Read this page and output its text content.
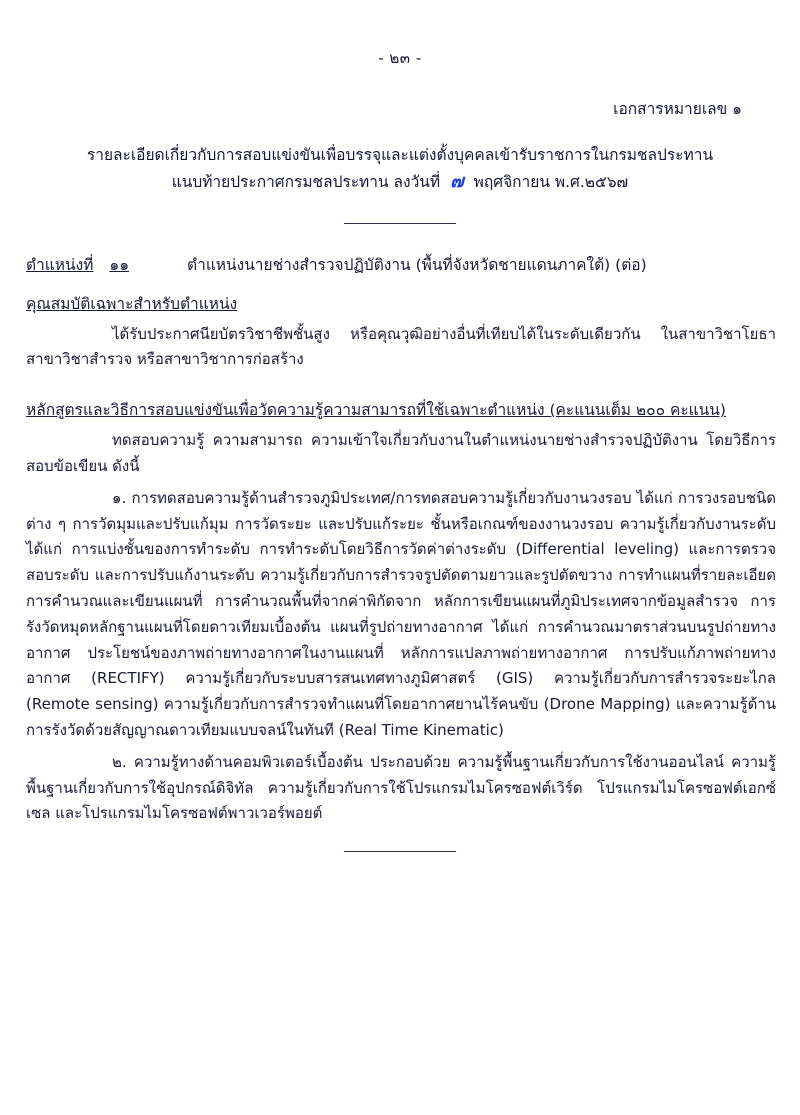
- ๒๓ -
เอกสารหมายเลข ๑
รายละเอียดเกี่ยวกับการสอบแข่งขันเพื่อบรรจุและแต่งตั้งบุคคลเข้ารับราชการในกรมชลประทาน
แนบท้ายประกาศกรมชลประทาน ลงวันที่ ๗ พฤศจิกายน พ.ศ.๒๕๖๗
ตำแหน่งที่ ๑๑	ตำแหน่งนายช่างสำรวจปฏิบัติงาน (พื้นที่จังหวัดชายแดนภาคใต้) (ต่อ)
คุณสมบัติเฉพาะสำหรับตำแหน่ง
ได้รับประกาศนียบัตรวิชาชีพชั้นสูง หรือคุณวุฒิอย่างอื่นที่เทียบได้ในระดับเดียวกัน ในสาขาวิชาโยธา สาขาวิชาสำรวจ หรือสาขาวิชาการก่อสร้าง
หลักสูตรและวิธีการสอบแข่งขันเพื่อวัดความรู้ความสามารถที่ใช้เฉพาะตำแหน่ง (คะแนนเต็ม ๒๐๐ คะแนน)
ทดสอบความรู้ ความสามารถ ความเข้าใจเกี่ยวกับงานในตำแหน่งนายช่างสำรวจปฏิบัติงาน โดยวิธีการสอบข้อเขียน ดังนี้
๑. การทดสอบความรู้ด้านสำรวจภูมิประเทศ/การทดสอบความรู้เกี่ยวกับงานวงรอบ ได้แก่ การวงรอบชนิดต่าง ๆ การวัดมุมและปรับแก้มุม การวัดระยะ และปรับแก้ระยะ ชั้นหรือเกณฑ์ของงานวงรอบ ความรู้เกี่ยวกับงานระดับได้แก่ การแบ่งชั้นของการทำระดับ การทำระดับโดยวิธีการวัดค่าต่างระดับ (Differential leveling) และการตรวจสอบระดับ และการปรับแก้งานระดับ ความรู้เกี่ยวกับการสำรวจรูปตัดตามยาวและรูปตัดขวาง การทำแผนที่รายละเอียด การคำนวณและเขียนแผนที่ การคำนวณพื้นที่จากค่าพิกัดจาก หลักการเขียนแผนที่ภูมิประเทศจากข้อมูลสำรวจ การรังวัดหมุดหลักฐานแผนที่โดยดาวเทียมเบื้องต้น แผนที่รูปถ่ายทางอากาศ ได้แก่ การคำนวณมาตราส่วนบนรูปถ่ายทางอากาศ ประโยชน์ของภาพถ่ายทางอากาศในงานแผนที่ หลักการแปลภาพถ่ายทางอากาศ การปรับแก้ภาพถ่ายทางอากาศ (RECTIFY) ความรู้เกี่ยวกับระบบสารสนเทศทางภูมิศาสตร์ (GIS) ความรู้เกี่ยวกับการสำรวจระยะไกล (Remote sensing) ความรู้เกี่ยวกับการสำรวจทำแผนที่โดยอากาศยานไร้คนขับ (Drone Mapping) และความรู้ด้านการรังวัดด้วยสัญญาณดาวเทียมแบบจลน์ในทันที (Real Time Kinematic)
๒. ความรู้ทางด้านคอมพิวเตอร์เบื้องต้น ประกอบด้วย ความรู้พื้นฐานเกี่ยวกับการใช้งานออนไลน์ ความรู้พื้นฐานเกี่ยวกับการใช้อุปกรณ์ดิจิทัล ความรู้เกี่ยวกับการใช้โปรแกรมไมโครซอฟต์เวิร์ด โปรแกรมไมโครซอฟต์เอกซ์เซล และโปรแกรมไมโครซอฟต์พาวเวอร์พอยต์
